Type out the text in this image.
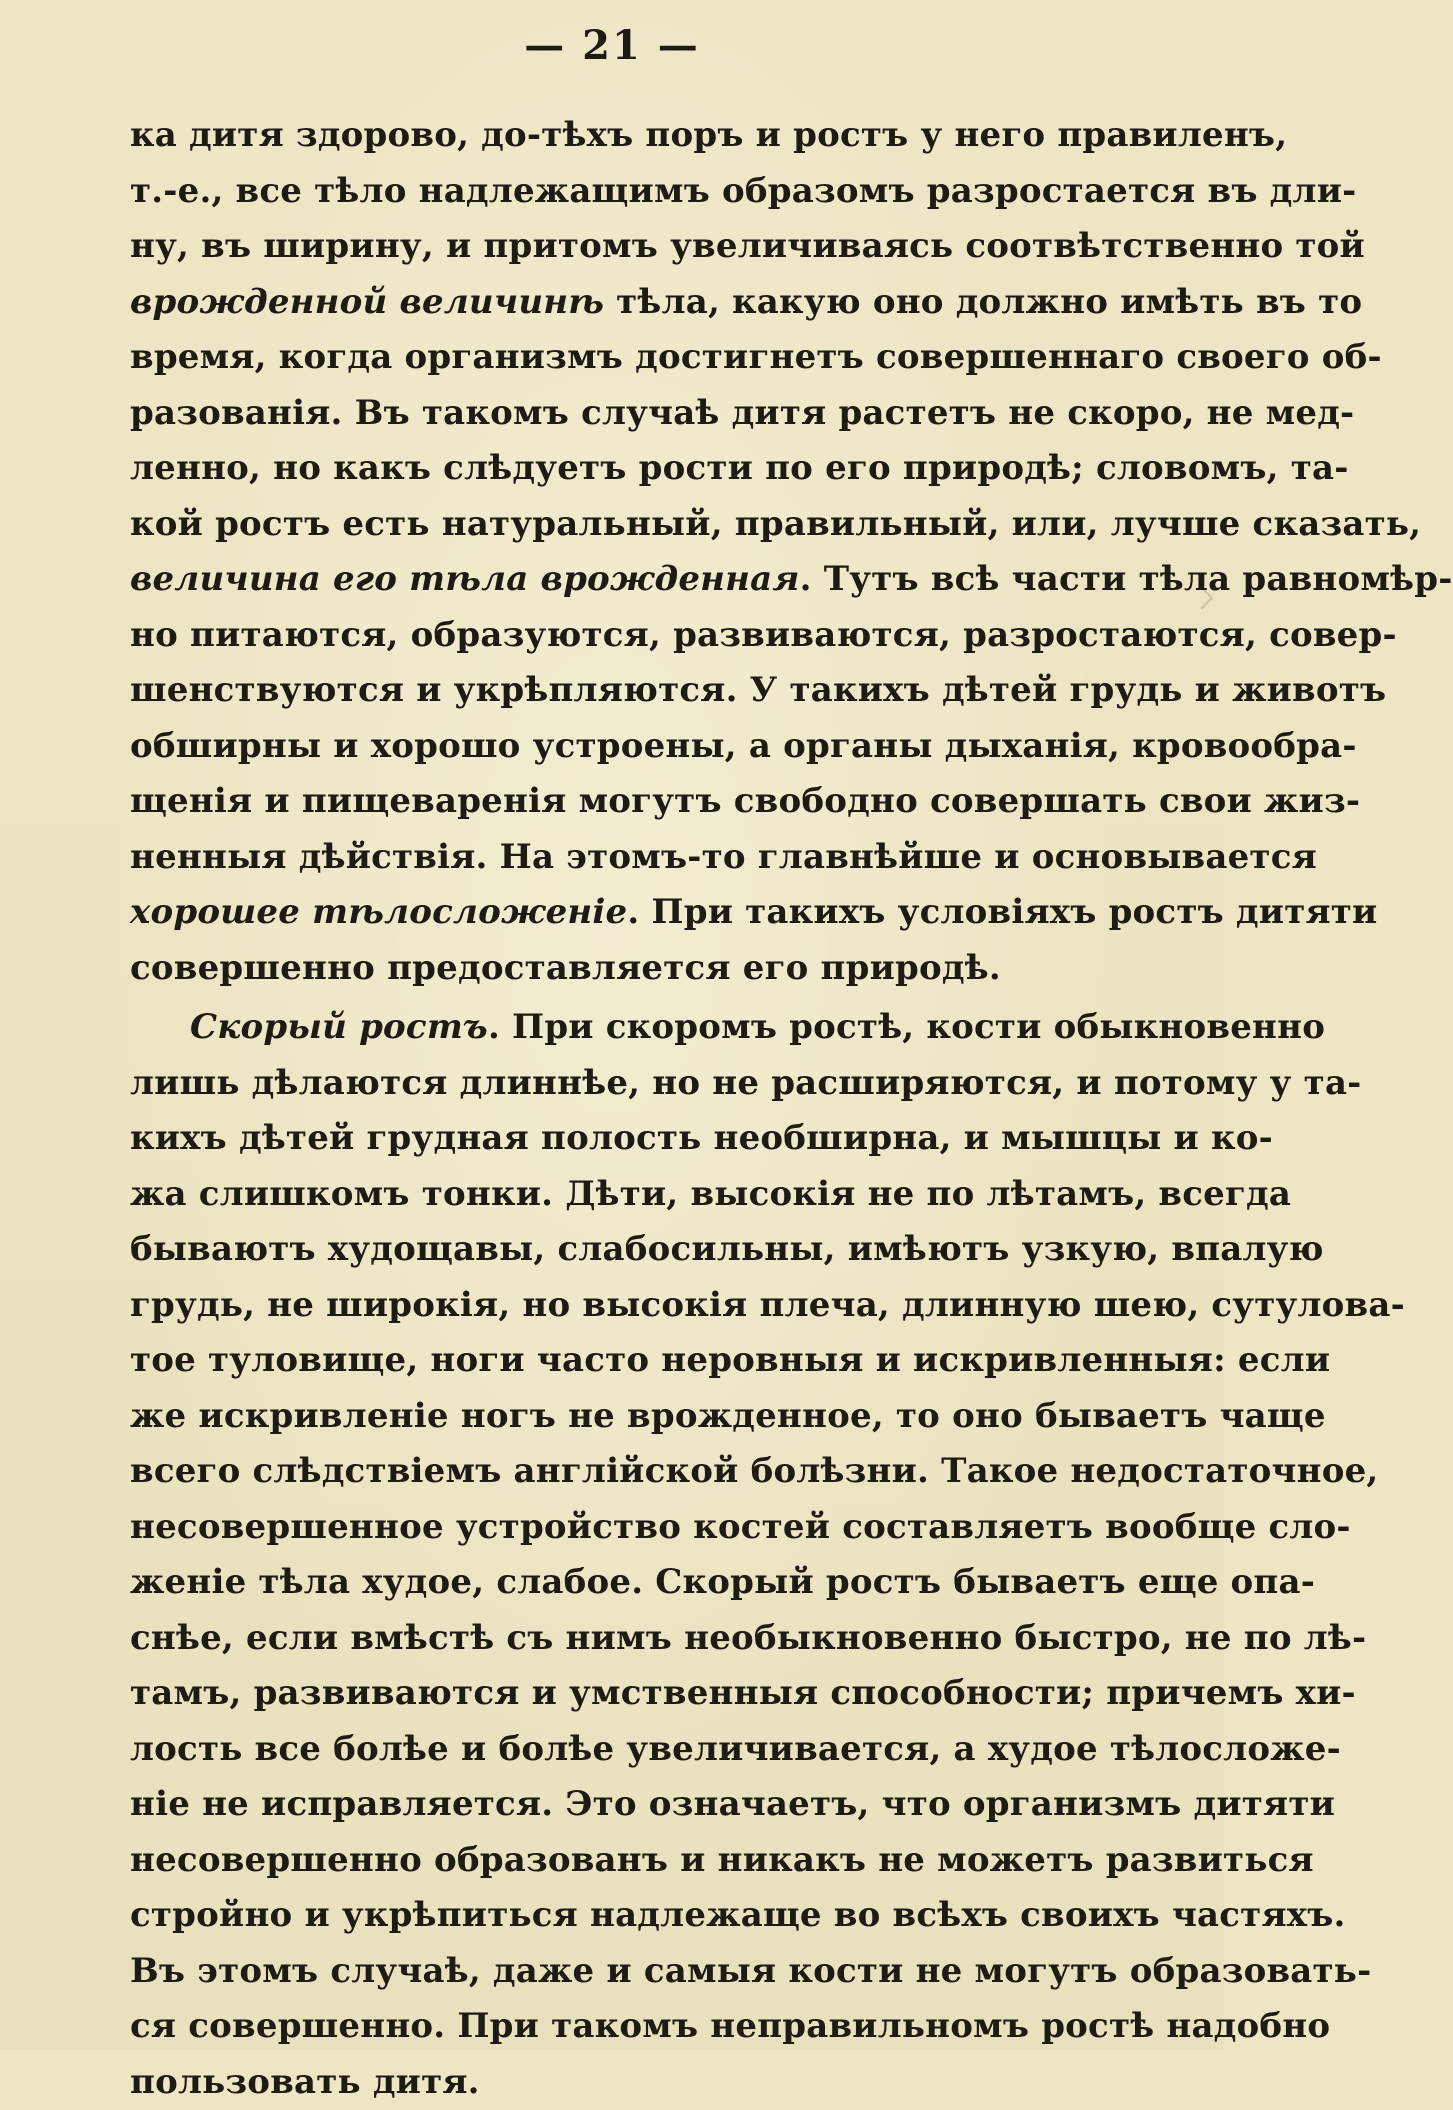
— 21 —
ка дитя здорово, до-тѣхъ поръ и ростъ у него правиленъ,
т.-е., все тѣло надлежащимъ образомъ разростается въ дли-
ну, въ ширину, и притомъ увеличиваясь соотвѣтственно той
врожденной величинѣ тѣла, какую оно должно имѣть въ то
время, когда организмъ достигнетъ совершеннаго своего об-
разованія. Въ такомъ случаѣ дитя растетъ не скоро, не мед-
ленно, но какъ слѣдуетъ рости по его природѣ; словомъ, та-
кой ростъ есть натуральный, правильный, или, лучше сказать,
величина его тѣла врожденная. Тутъ всѣ части тѣла равномѣр-
но питаются, образуются, развиваются, разростаются, совер-
шенствуются и укрѣпляются. У такихъ дѣтей грудь и животъ
обширны и хорошо устроены, а органы дыханія, кровообра-
щенія и пищеваренія могутъ свободно совершать свои жиз-
ненныя дѣйствія. На этомъ-то главнѣйше и основывается
хорошее тѣлосложеніе. При такихъ условіяхъ ростъ дитяти
совершенно предоставляется его природѣ.
Скорый ростъ. При скоромъ ростѣ, кости обыкновенно
лишь дѣлаются длиннѣе, но не расширяются, и потому у та-
кихъ дѣтей грудная полость необширна, и мышцы и ко-
жа слишкомъ тонки. Дѣти, высокія не по лѣтамъ, всегда
бываютъ худощавы, слабосильны, имѣютъ узкую, впалую
грудь, не широкія, но высокія плеча, длинную шею, сутулова-
тое туловище, ноги часто неровныя и искривленныя: если
же искривленіе ногъ не врожденное, то оно бываетъ чаще
всего слѣдствіемъ англійской болѣзни. Такое недостаточное,
несовершенное устройство костей составляетъ вообще сло-
женіе тѣла худое, слабое. Скорый ростъ бываетъ еще опа-
снѣе, если вмѣстѣ съ нимъ необыкновенно быстро, не по лѣ-
тамъ, развиваются и умственныя способности; причемъ хи-
лость все болѣе и болѣе увеличивается, а худое тѣлосложе-
ніе не исправляется. Это означаетъ, что организмъ дитяти
несовершенно образованъ и никакъ не можетъ развиться
стройно и укрѣпиться надлежаще во всѣхъ своихъ частяхъ.
Въ этомъ случаѣ, даже и самыя кости не могутъ образовать-
ся совершенно. При такомъ неправильномъ ростѣ надобно
пользовать дитя.
